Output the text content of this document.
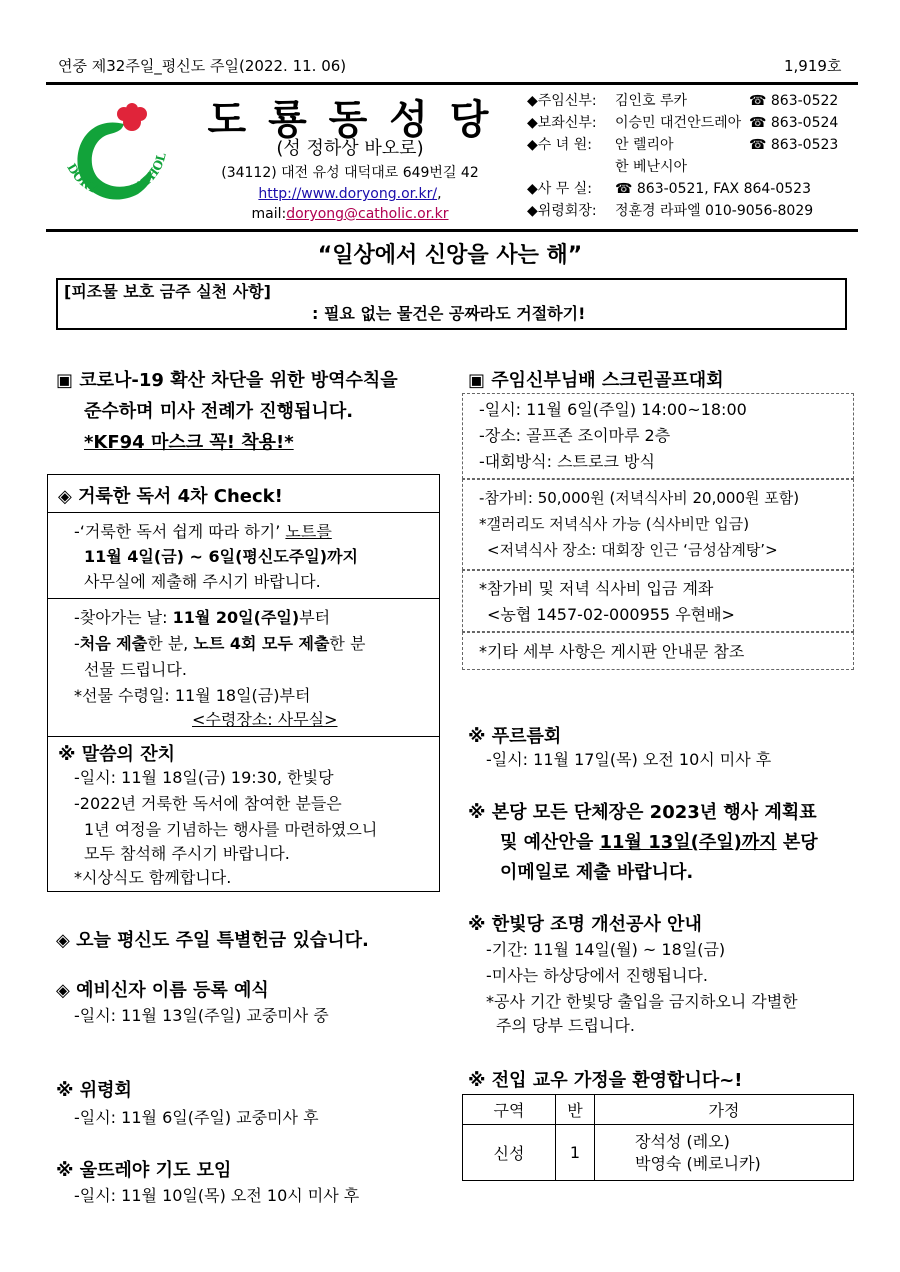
연중 제32주일_평신도 주일(2022. 11. 06)	1,919호
DORYONG CATHOL
도 룡 동 성 당
(성 정하상 바오로)
(34112) 대전 유성 대덕대로 649번길 42
http://www.doryong.or.kr/,
mail:doryong@catholic.or.kr
◆주임신부: 김인호 루카	☎ 863-0522
◆보좌신부: 이승민 대건안드레아 ☎ 863-0524
◆수 녀 원: 안 렐리아	☎ 863-0523
한 베난시아
◆사 무 실: ☎ 863-0521, FAX 864-0523
◆위령회장: 정훈경 라파엘 010-9056-8029
“일상에서 신앙을 사는 해”
[피조물 보호 금주 실천 사항]
: 필요 없는 물건은 공짜라도 거절하기!
▣ 코로나-19 확산 차단을 위한 방역수칙을
준수하며 미사 전례가 진행됩니다.
*KF94 마스크 꼭! 착용!*
◈ 거룩한 독서 4차 Check!
-‘거룩한 독서 쉽게 따라 하기’ 노트를
11월 4일(금) ~ 6일(평신도주일)까지
사무실에 제출해 주시기 바랍니다.
-찾아가는 날: 11월 20일(주일)부터
-처음 제출한 분, 노트 4회 모두 제출한 분
선물 드립니다.
*선물 수령일: 11월 18일(금)부터
<수령장소: 사무실>
※ 말씀의 잔치
-일시: 11월 18일(금) 19:30, 한빛당
-2022년 거룩한 독서에 참여한 분들은
1년 여정을 기념하는 행사를 마련하였으니
모두 참석해 주시기 바랍니다.
*시상식도 함께합니다.
◈ 오늘 평신도 주일 특별헌금 있습니다.
◈ 예비신자 이름 등록 예식
-일시: 11월 13일(주일) 교중미사 중
※ 위령회
-일시: 11월 6일(주일) 교중미사 후
※ 울뜨레야 기도 모임
-일시: 11월 10일(목) 오전 10시 미사 후
▣ 주임신부님배 스크린골프대회
-일시: 11월 6일(주일) 14:00~18:00
-장소: 골프존 조이마루 2층
-대회방식: 스트로크 방식
-참가비: 50,000원 (저녁식사비 20,000원 포함)
*갤러리도 저녁식사 가능 (식사비만 입금)
<저녁식사 장소: 대회장 인근 ‘금성삼계탕’>
*참가비 및 저녁 식사비 입금 계좌
<농협 1457-02-000955 우현배>
*기타 세부 사항은 게시판 안내문 참조
※ 푸르름회
-일시: 11월 17일(목) 오전 10시 미사 후
※ 본당 모든 단체장은 2023년 행사 계획표
및 예산안을 11월 13일(주일)까지 본당
이메일로 제출 바랍니다.
※ 한빛당 조명 개선공사 안내
-기간: 11월 14일(월) ~ 18일(금)
-미사는 하상당에서 진행됩니다.
*공사 기간 한빛당 출입을 금지하오니 각별한
주의 당부 드립니다.
※ 전입 교우 가정을 환영합니다~!
구역	반	가정
신성	1	장석성 (레오)
박영숙 (베로니카)
